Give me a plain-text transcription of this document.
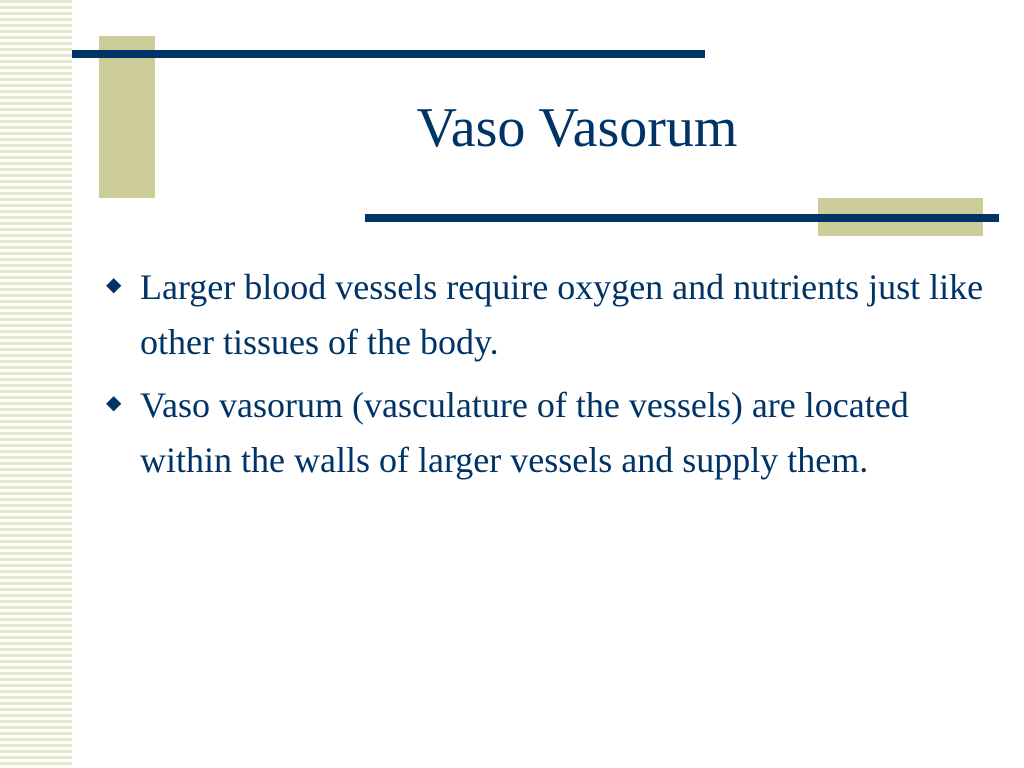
Vaso Vasorum
◆ Larger blood vessels require oxygen and nutrients just like other tissues of the body.
◆ Vaso vasorum (vasculature of the vessels) are located within the walls of larger vessels and supply them.
